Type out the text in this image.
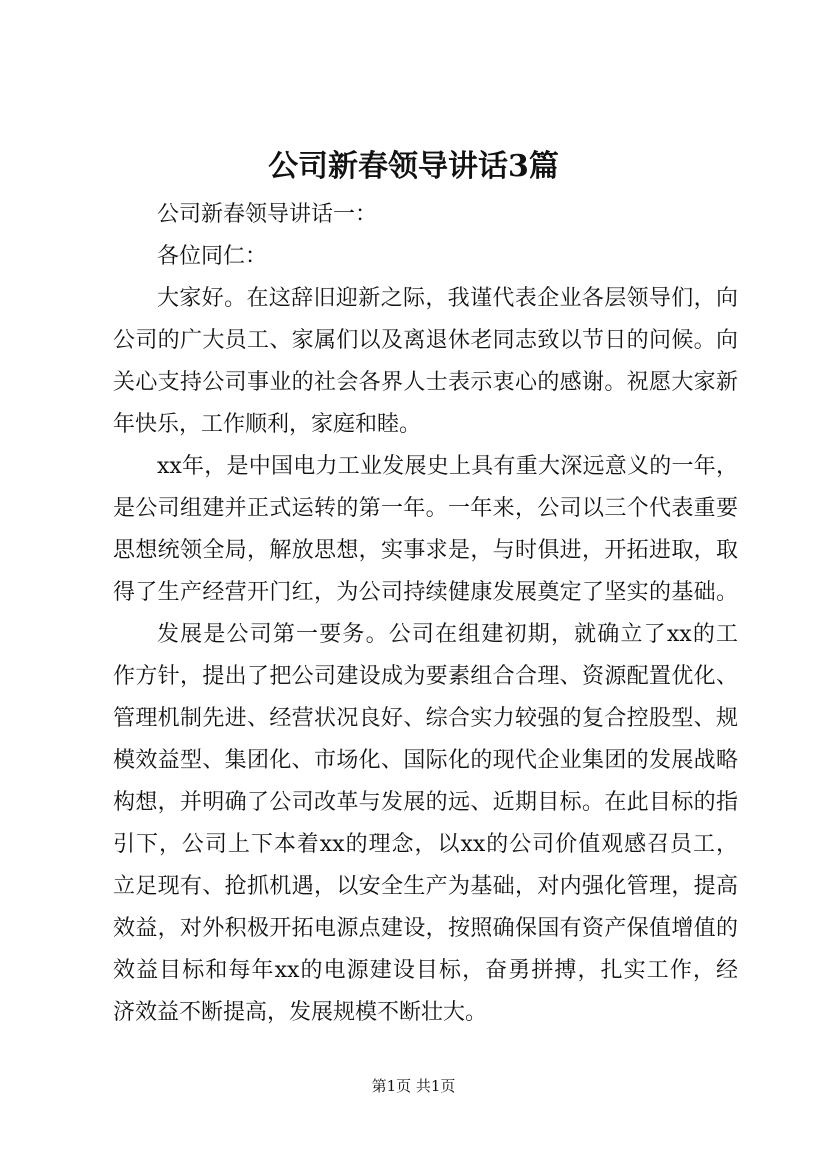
公司新春领导讲话3篇
公司新春领导讲话一：
各位同仁：
大家好。在这辞旧迎新之际，我谨代表企业各层领导们，向
公司的广大员工、家属们以及离退休老同志致以节日的问候。向
关心支持公司事业的社会各界人士表示衷心的感谢。祝愿大家新
年快乐，工作顺利，家庭和睦。
xx年，是中国电力工业发展史上具有重大深远意义的一年，
是公司组建并正式运转的第一年。一年来，公司以三个代表重要
思想统领全局，解放思想，实事求是，与时俱进，开拓进取，取
得了生产经营开门红，为公司持续健康发展奠定了坚实的基础。
发展是公司第一要务。公司在组建初期，就确立了xx的工
作方针，提出了把公司建设成为要素组合合理、资源配置优化、
管理机制先进、经营状况良好、综合实力较强的复合控股型、规
模效益型、集团化、市场化、国际化的现代企业集团的发展战略
构想，并明确了公司改革与发展的远、近期目标。在此目标的指
引下，公司上下本着xx的理念，以xx的公司价值观感召员工，
立足现有、抢抓机遇，以安全生产为基础，对内强化管理，提高
效益，对外积极开拓电源点建设，按照确保国有资产保值增值的
效益目标和每年xx的电源建设目标，奋勇拼搏，扎实工作，经
济效益不断提高，发展规模不断壮大。
第1页 共1页
